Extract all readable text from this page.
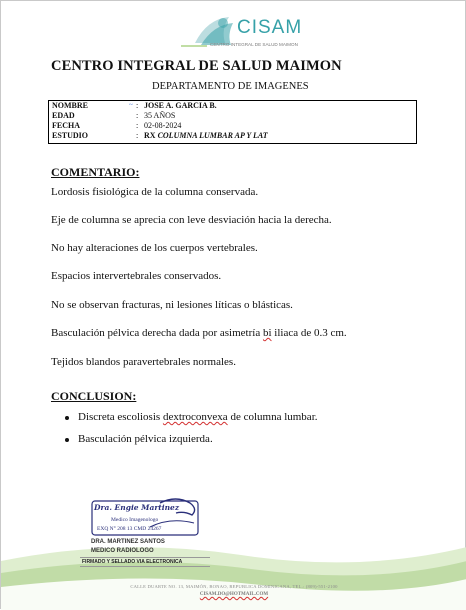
CISAM
CENTRO INTEGRAL DE SALUD MAIMON
CENTRO INTEGRAL DE SALUD MAIMON
DEPARTAMENTO DE IMAGENES
NOMBRE	: JOSE A. GARCIA B.
EDAD	: 35 AÑOS
FECHA	: 02-08-2024
ESTUDIO	: RX COLUMNA LUMBAR AP Y LAT
~
COMENTARIO:
Lordosis fisiológica de la columna conservada.
Eje de columna se aprecia con leve desviación hacia la derecha.
No hay alteraciones de los cuerpos vertebrales.
Espacios intervertebrales conservados.
No se observan fracturas, ni lesiones líticas o blásticas.
Basculación pélvica derecha dada por asimetría bi iliaca de 0.3 cm.
Tejidos blandos paravertebrales normales.
CONCLUSION:
Discreta escoliosis dextroconvexa de columna lumbar.
Basculación pélvica izquierda.
Dra. Engie Martinez
Medico Imagenologo
EXQ N° 208 13 CMD 24267
DRA. MARTINEZ SANTOS
MEDICO RADIOLOGO
FIRMADO Y SELLADO VIA ELECTRONICA
CALLE DUARTE NO. 13, MAIMÓN, BONAO, REPUBLICA DOMINICANA, TEL.: (809)-551-2100
CISAM.DO@HOTMAIL.COM
